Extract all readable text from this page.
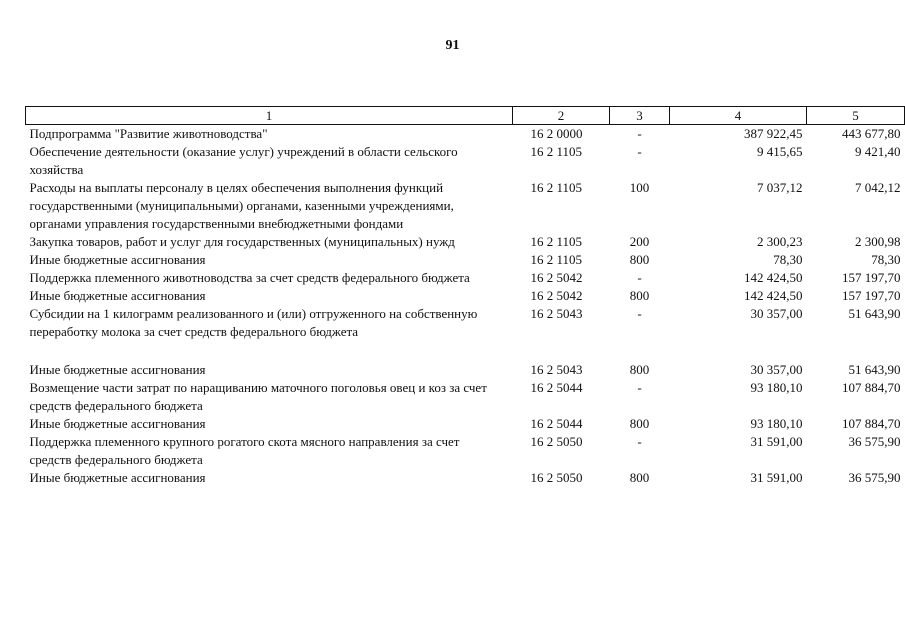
91
1	2	3	4	5
Подпрограмма "Развитие животноводства"	16 2 0000	-	387 922,45	443 677,80
Обеспечение деятельности (оказание услуг) учреждений в области сельского хозяйства	16 2 1105	-	9 415,65	9 421,40
Расходы на выплаты персоналу в целях обеспечения выполнения функций государственными (муниципальными) органами, казенными учреждениями, органами управления государственными внебюджетными фондами	16 2 1105	100	7 037,12	7 042,12
Закупка товаров, работ и услуг для государственных (муниципальных) нужд	16 2 1105	200	2 300,23	2 300,98
Иные бюджетные ассигнования	16 2 1105	800	78,30	78,30
Поддержка племенного животноводства за счет средств федерального бюджета	16 2 5042	-	142 424,50	157 197,70
Иные бюджетные ассигнования	16 2 5042	800	142 424,50	157 197,70
Субсидии на 1 килограмм реализованного и (или) отгруженного на собственную переработку молока за счет средств федерального бюджета	16 2 5043	-	30 357,00	51 643,90
Иные бюджетные ассигнования	16 2 5043	800	30 357,00	51 643,90
Возмещение части затрат по наращиванию маточного поголовья овец и коз за счет средств федерального бюджета	16 2 5044	-	93 180,10	107 884,70
Иные бюджетные ассигнования	16 2 5044	800	93 180,10	107 884,70
Поддержка племенного крупного рогатого скота мясного направления за счет средств федерального бюджета	16 2 5050	-	31 591,00	36 575,90
Иные бюджетные ассигнования	16 2 5050	800	31 591,00	36 575,90
